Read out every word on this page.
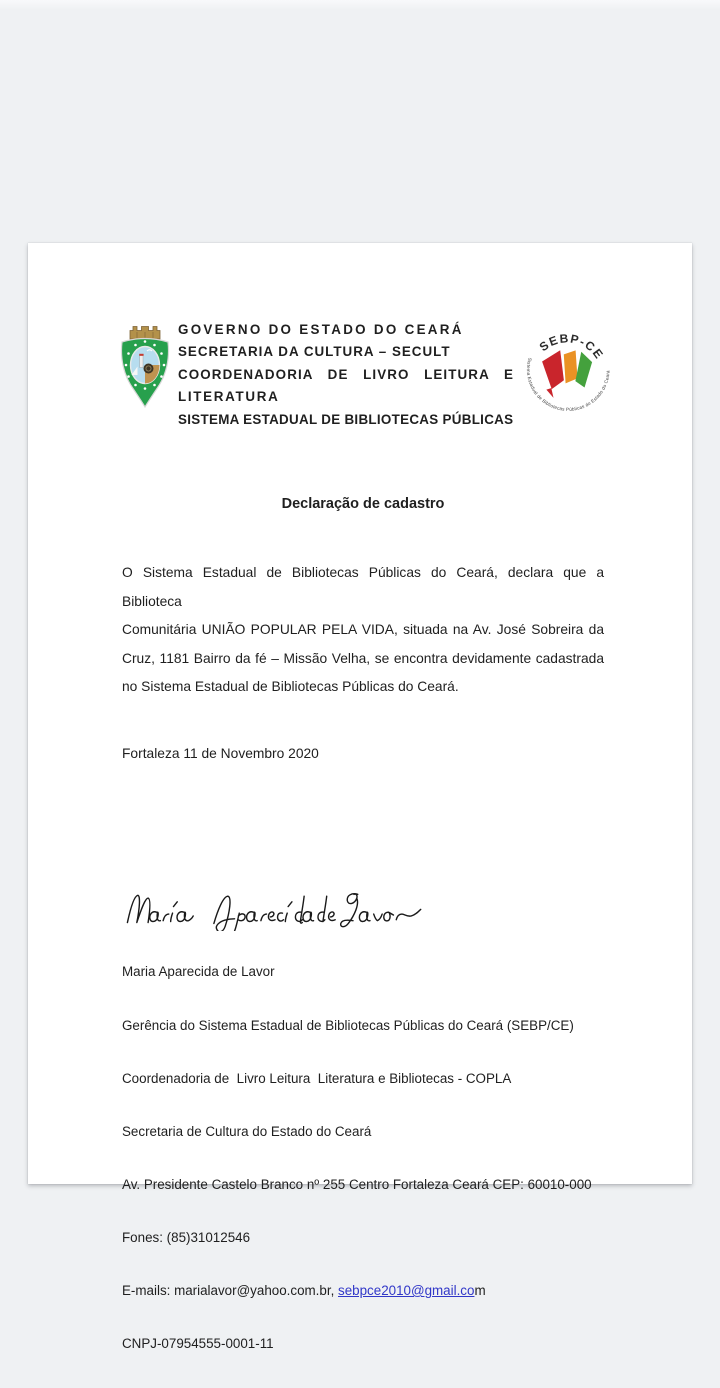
GOVERNO DO ESTADO DO CEARÁ
SECRETARIA DA CULTURA – SECULT
COORDENADORIA DE LIVRO LEITURA E
LITERATURA
SISTEMA ESTADUAL DE BIBLIOTECAS PÚBLICAS
SEBP-CE
Sistema Estadual de Bibliotecas Públicas do Estado do Ceará
Declaração de cadastro
O Sistema Estadual de Bibliotecas Públicas do Ceará, declara que a Biblioteca
Comunitária UNIÃO POPULAR PELA VIDA, situada na Av. José Sobreira da
Cruz, 1181 Bairro da fé – Missão Velha, se encontra devidamente cadastrada
no Sistema Estadual de Bibliotecas Públicas do Ceará.
Fortaleza 11 de Novembro 2020

Maria Aparecida de Lavor

Gerência do Sistema Estadual de Bibliotecas Públicas do Ceará (SEBP/CE)

Coordenadoria de  Livro Leitura  Literatura e Bibliotecas - COPLA

Secretaria de Cultura do Estado do Ceará

Av. Presidente Castelo Branco nº 255 Centro Fortaleza Ceará CEP: 60010-000

Fones: (85)31012546

E-mails: marialavor@yahoo.com.br, sebpce2010@gmail.com

CNPJ-07954555-0001-11
